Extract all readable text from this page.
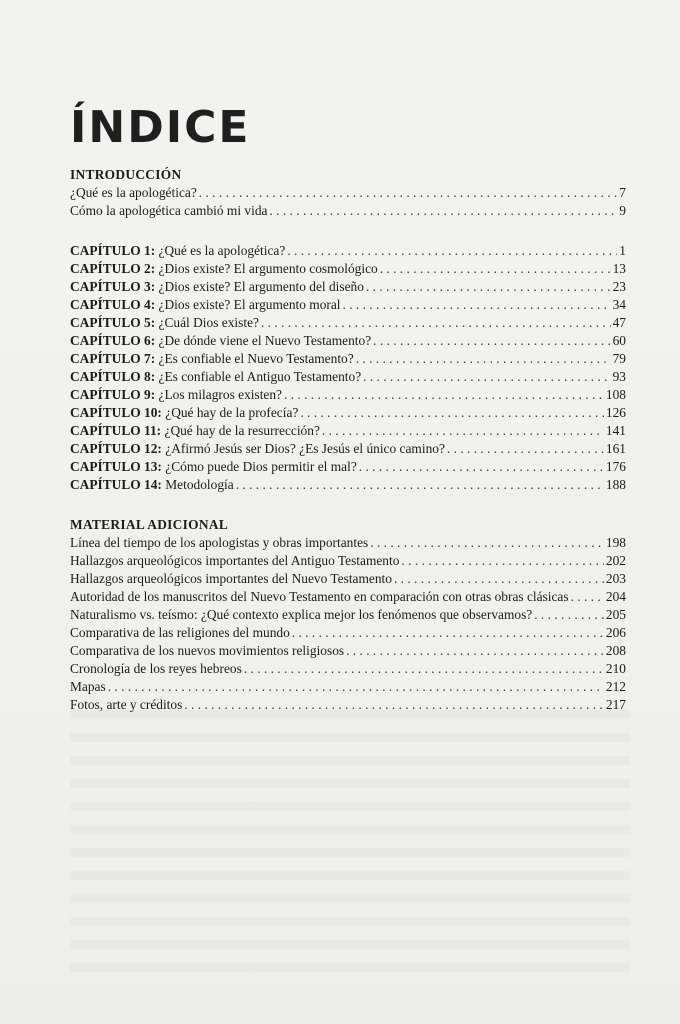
ÍNDICE
INTRODUCCIÓN
¿Qué es la apologética? . . .	7
Cómo la apologética cambió mi vida . . .	9
CAPÍTULO 1: ¿Qué es la apologética? . . .	1
CAPÍTULO 2: ¿Dios existe? El argumento cosmológico . . .	13
CAPÍTULO 3: ¿Dios existe? El argumento del diseño . . .	23
CAPÍTULO 4: ¿Dios existe? El argumento moral . . .	34
CAPÍTULO 5: ¿Cuál Dios existe? . . .	47
CAPÍTULO 6: ¿De dónde viene el Nuevo Testamento? . . .	60
CAPÍTULO 7: ¿Es confiable el Nuevo Testamento? . . .	79
CAPÍTULO 8: ¿Es confiable el Antiguo Testamento? . . .	93
CAPÍTULO 9: ¿Los milagros existen? . . .	108
CAPÍTULO 10: ¿Qué hay de la profecía? . . .	126
CAPÍTULO 11: ¿Qué hay de la resurrección? . . .	141
CAPÍTULO 12: ¿Afirmó Jesús ser Dios? ¿Es Jesús el único camino? . . .	161
CAPÍTULO 13: ¿Cómo puede Dios permitir el mal? . . .	176
CAPÍTULO 14: Metodología . . .	188
MATERIAL ADICIONAL
Línea del tiempo de los apologistas y obras importantes . . .	198
Hallazgos arqueológicos importantes del Antiguo Testamento . . .	202
Hallazgos arqueológicos importantes del Nuevo Testamento . . .	203
Autoridad de los manuscritos del Nuevo Testamento en comparación con otras obras clásicas . . .	204
Naturalismo vs. teísmo: ¿Qué contexto explica mejor los fenómenos que observamos? . . .	205
Comparativa de las religiones del mundo . . .	206
Comparativa de los nuevos movimientos religiosos . . .	208
Cronología de los reyes hebreos . . .	210
Mapas . . .	212
Fotos, arte y créditos . . .	217
